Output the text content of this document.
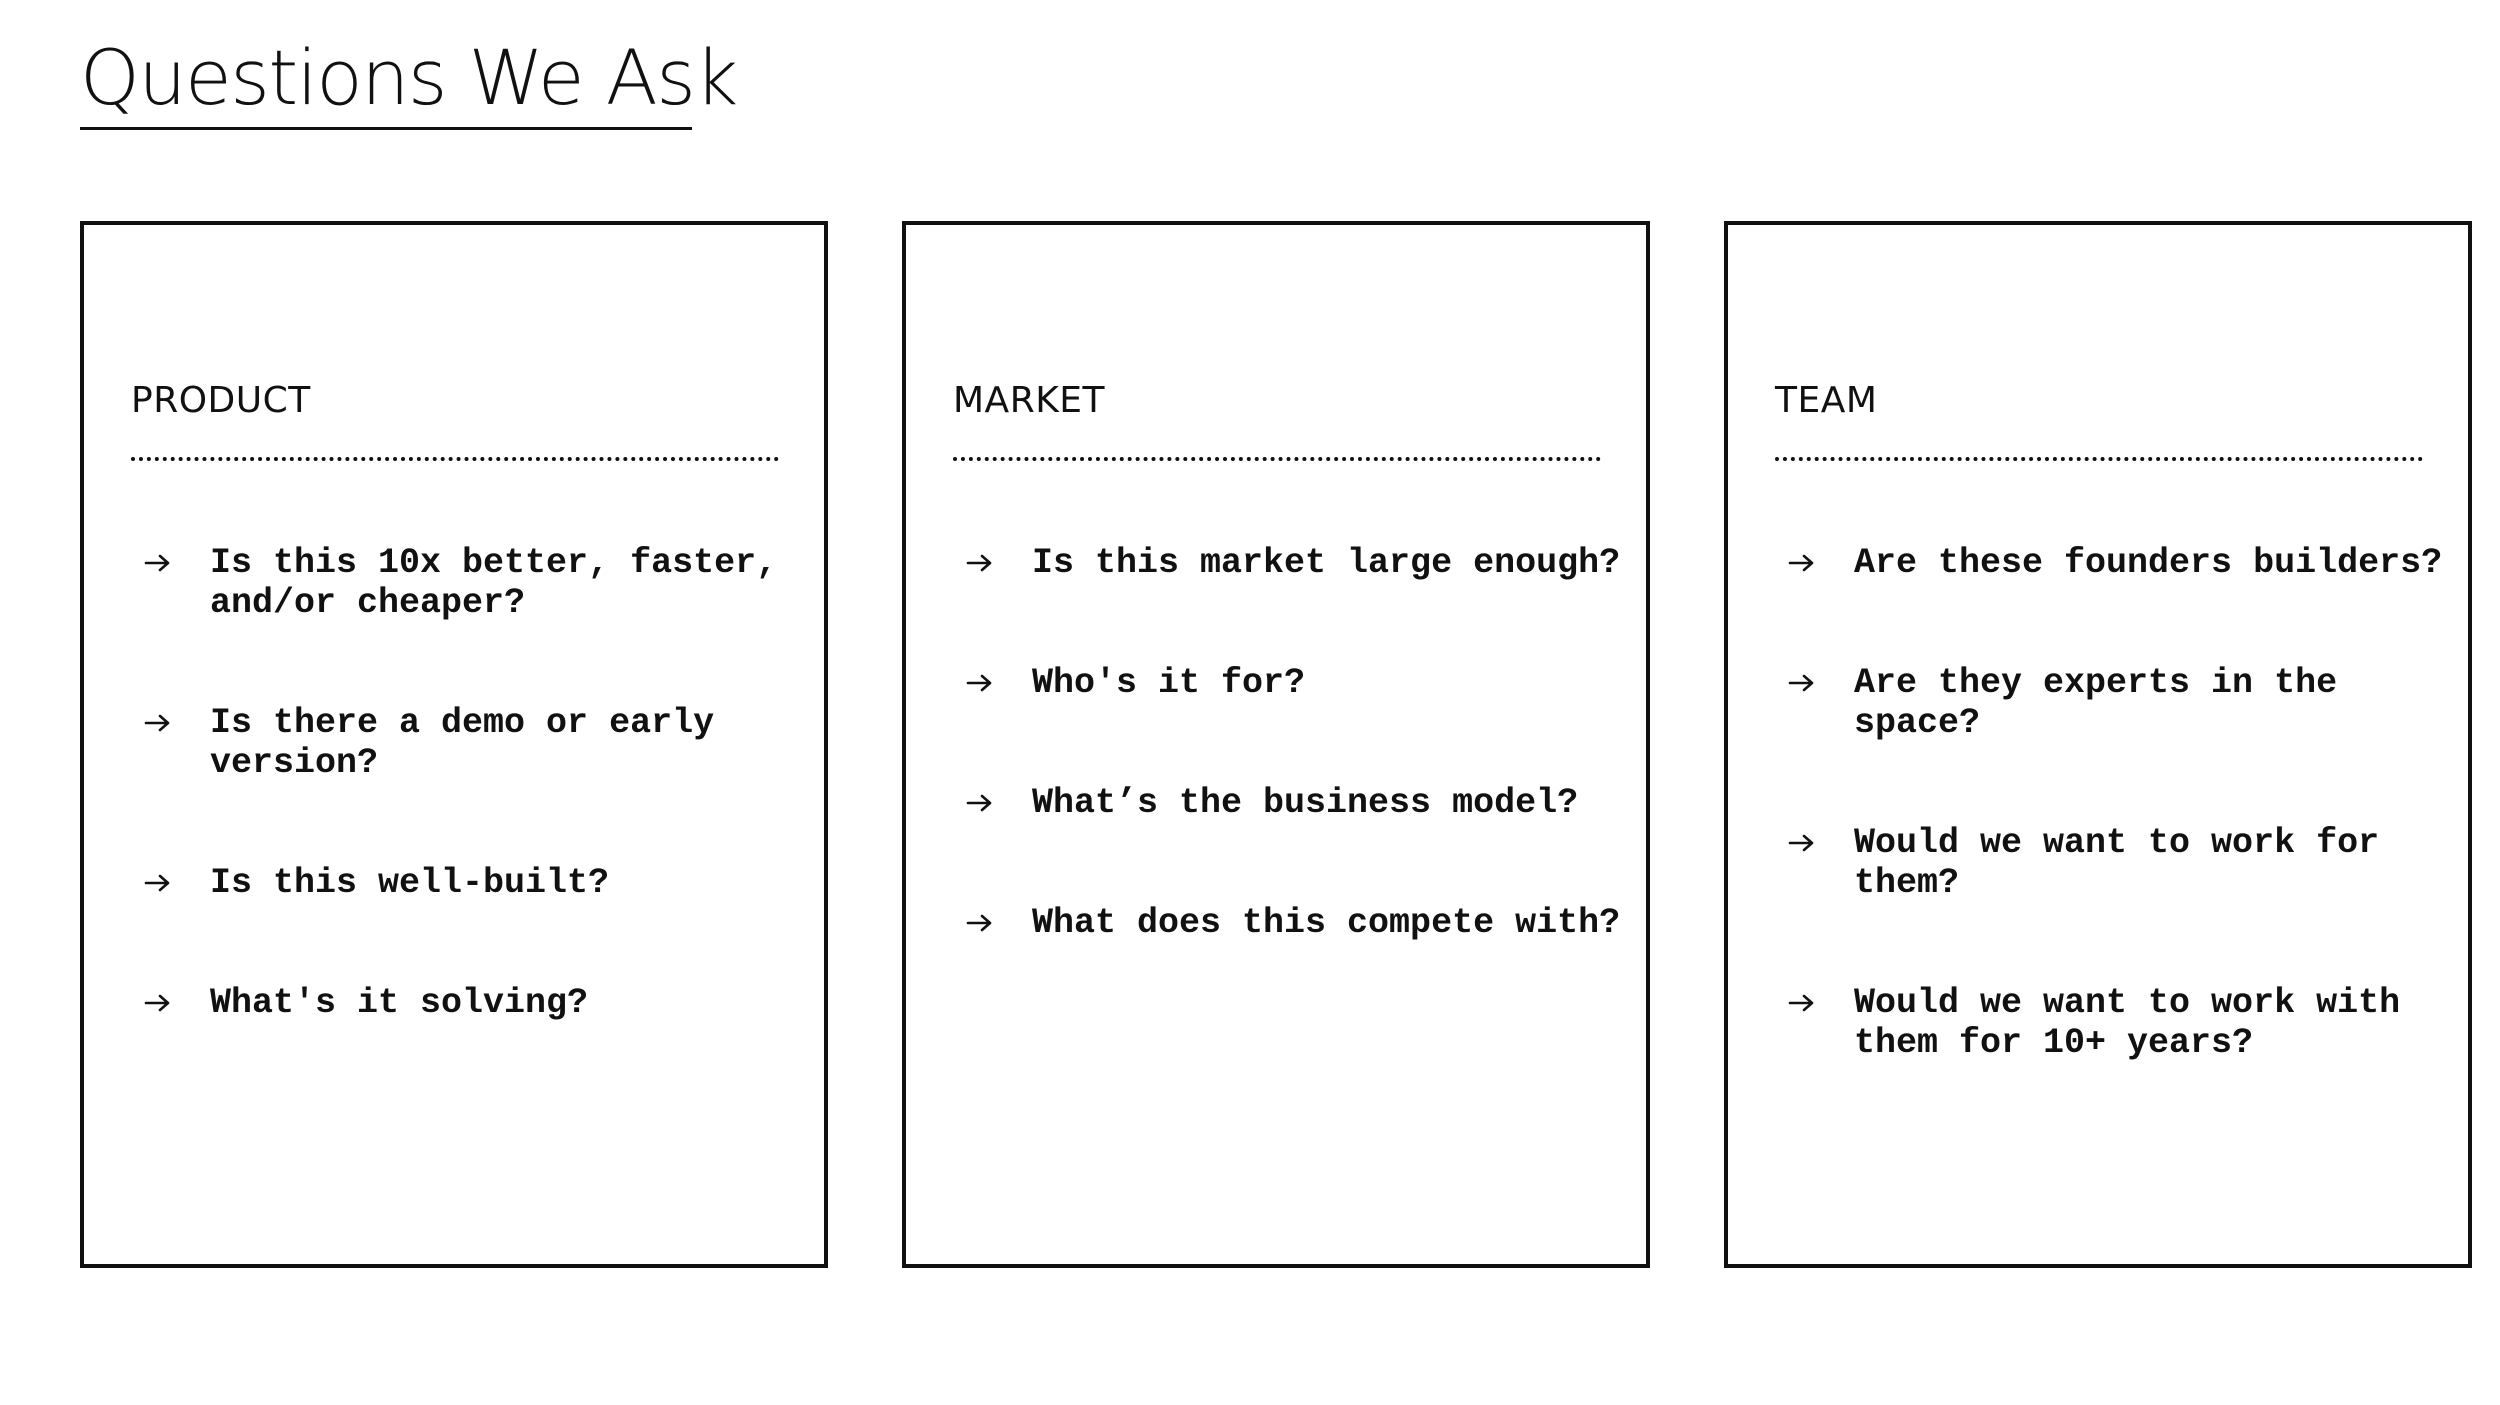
Questions We Ask
PRODUCT
Is this 10x better, faster, and/or cheaper?
Is there a demo or early version?
Is this well-built?
What's it solving?
MARKET
Is this market large enough?
Who's it for?
What’s the business model?
What does this compete with?
TEAM
Are these founders builders?
Are they experts in the space?
Would we want to work for them?
Would we want to work with them for 10+ years?
